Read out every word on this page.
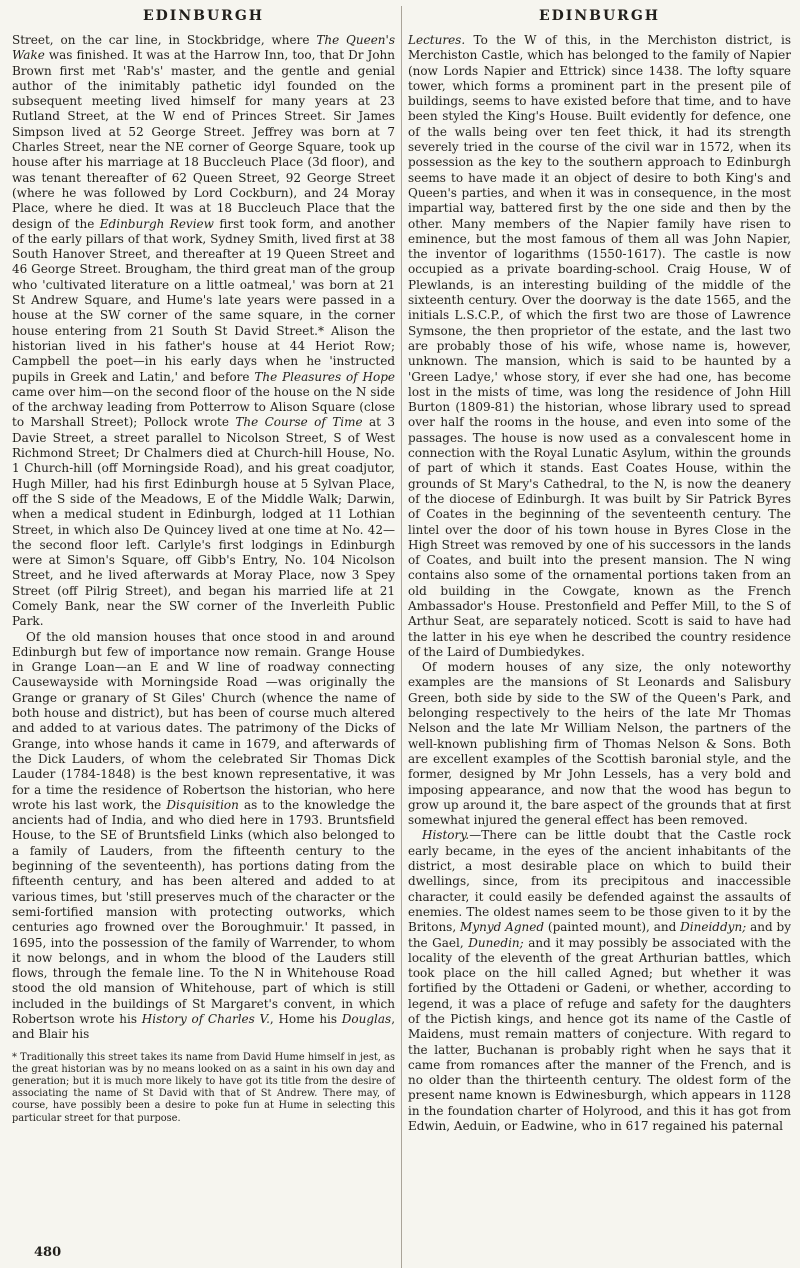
EDINBURGH

Street, on the car line, in Stockbridge, where The Queen's Wake was finished. It was at the Harrow Inn, too, that Dr John Brown first met 'Rab's' master, and the gentle and genial author of the inimitably pathetic idyl founded on the subsequent meeting lived himself for many years at 23 Rutland Street, at the W end of Princes Street. Sir James Simpson lived at 52 George Street. Jeffrey was born at 7 Charles Street, near the NE corner of George Square, took up house after his marriage at 18 Buccleuch Place (3d floor), and was tenant thereafter of 62 Queen Street, 92 George Street (where he was followed by Lord Cockburn), and 24 Moray Place, where he died. It was at 18 Buccleuch Place that the design of the Edinburgh Review first took form, and another of the early pillars of that work, Sydney Smith, lived first at 38 South Hanover Street, and thereafter at 19 Queen Street and 46 George Street. Brougham, the third great man of the group who 'cultivated literature on a little oatmeal,' was born at 21 St Andrew Square, and Hume's late years were passed in a house at the SW corner of the same square, in the corner house entering from 21 South St David Street.* Alison the historian lived in his father's house at 44 Heriot Row; Campbell the poet—in his early days when he 'instructed pupils in Greek and Latin,' and before The Pleasures of Hope came over him—on the second floor of the house on the N side of the archway leading from Potterrow to Alison Square (close to Marshall Street); Pollock wrote The Course of Time at 3 Davie Street, a street parallel to Nicolson Street, S of West Richmond Street; Dr Chalmers died at Church-hill House, No. 1 Church-hill (off Morningside Road), and his great coadjutor, Hugh Miller, had his first Edinburgh house at 5 Sylvan Place, off the S side of the Meadows, E of the Middle Walk; Darwin, when a medical student in Edinburgh, lodged at 11 Lothian Street, in which also De Quincey lived at one time at No. 42—the second floor left. Carlyle's first lodgings in Edinburgh were at Simon's Square, off Gibb's Entry, No. 104 Nicolson Street, and he lived afterwards at Moray Place, now 3 Spey Street (off Pilrig Street), and began his married life at 21 Comely Bank, near the SW corner of the Inverleith Public Park.

Of the old mansion houses that once stood in and around Edinburgh but few of importance now remain. Grange House in Grange Loan—an E and W line of roadway connecting Causewayside with Morningside Road —was originally the Grange or granary of St Giles' Church (whence the name of both house and district), but has been of course much altered and added to at various dates. The patrimony of the Dicks of Grange, into whose hands it came in 1679, and afterwards of the Dick Lauders, of whom the celebrated Sir Thomas Dick Lauder (1784-1848) is the best known representative, it was for a time the residence of Robertson the historian, who here wrote his last work, the Disquisition as to the knowledge the ancients had of India, and who died here in 1793. Bruntsfield House, to the SE of Bruntsfield Links (which also belonged to a family of Lauders, from the fifteenth century to the beginning of the seventeenth), has portions dating from the fifteenth century, and has been altered and added to at various times, but 'still preserves much of the character or the semi-fortified mansion with protecting outworks, which centuries ago frowned over the Boroughmuir.' It passed, in 1695, into the possession of the family of Warrender, to whom it now belongs, and in whom the blood of the Lauders still flows, through the female line. To the N in Whitehouse Road stood the old mansion of Whitehouse, part of which is still included in the buildings of St Margaret's convent, in which Robertson wrote his History of Charles V., Home his Douglas, and Blair his

* Traditionally this street takes its name from David Hume himself in jest, as the great historian was by no means looked on as a saint in his own day and generation; but it is much more likely to have got its title from the desire of associating the name of St David with that of St Andrew. There may, of course, have possibly been a desire to poke fun at Hume in selecting this particular street for that purpose.
EDINBURGH

Lectures. To the W of this, in the Merchiston district, is Merchiston Castle, which has belonged to the family of Napier (now Lords Napier and Ettrick) since 1438. The lofty square tower, which forms a prominent part in the present pile of buildings, seems to have existed before that time, and to have been styled the King's House. Built evidently for defence, one of the walls being over ten feet thick, it had its strength severely tried in the course of the civil war in 1572, when its possession as the key to the southern approach to Edinburgh seems to have made it an object of desire to both King's and Queen's parties, and when it was in consequence, in the most impartial way, battered first by the one side and then by the other. Many members of the Napier family have risen to eminence, but the most famous of them all was John Napier, the inventor of logarithms (1550-1617). The castle is now occupied as a private boarding-school. Craig House, W of Plewlands, is an interesting building of the middle of the sixteenth century. Over the doorway is the date 1565, and the initials L.S.C.P., of which the first two are those of Lawrence Symsone, the then proprietor of the estate, and the last two are probably those of his wife, whose name is, however, unknown. The mansion, which is said to be haunted by a 'Green Ladye,' whose story, if ever she had one, has become lost in the mists of time, was long the residence of John Hill Burton (1809-81) the historian, whose library used to spread over half the rooms in the house, and even into some of the passages. The house is now used as a convalescent home in connection with the Royal Lunatic Asylum, within the grounds of part of which it stands. East Coates House, within the grounds of St Mary's Cathedral, to the N, is now the deanery of the diocese of Edinburgh. It was built by Sir Patrick Byres of Coates in the beginning of the seventeenth century. The lintel over the door of his town house in Byres Close in the High Street was removed by one of his successors in the lands of Coates, and built into the present mansion. The N wing contains also some of the ornamental portions taken from an old building in the Cowgate, known as the French Ambassador's House. Prestonfield and Peffer Mill, to the S of Arthur Seat, are separately noticed. Scott is said to have had the latter in his eye when he described the country residence of the Laird of Dumbiedykes.

Of modern houses of any size, the only noteworthy examples are the mansions of St Leonards and Salisbury Green, both side by side to the SW of the Queen's Park, and belonging respectively to the heirs of the late Mr Thomas Nelson and the late Mr William Nelson, the partners of the well-known publishing firm of Thomas Nelson & Sons. Both are excellent examples of the Scottish baronial style, and the former, designed by Mr John Lessels, has a very bold and imposing appearance, and now that the wood has begun to grow up around it, the bare aspect of the grounds that at first somewhat injured the general effect has been removed.

History.—There can be little doubt that the Castle rock early became, in the eyes of the ancient inhabitants of the district, a most desirable place on which to build their dwellings, since, from its precipitous and inaccessible character, it could easily be defended against the assaults of enemies. The oldest names seem to be those given to it by the Britons, Mynyd Agned (painted mount), and Dineiddyn; and by the Gael, Dunedin; and it may possibly be associated with the locality of the eleventh of the great Arthurian battles, which took place on the hill called Agned; but whether it was fortified by the Ottadeni or Gadeni, or whether, according to legend, it was a place of refuge and safety for the daughters of the Pictish kings, and hence got its name of the Castle of Maidens, must remain matters of conjecture. With regard to the latter, Buchanan is probably right when he says that it came from romances after the manner of the French, and is no older than the thirteenth century. The oldest form of the present name known is Edwinesburgh, which appears in 1128 in the foundation charter of Holyrood, and this it has got from Edwin, Aeduin, or Eadwine, who in 617 regained his paternal

480
